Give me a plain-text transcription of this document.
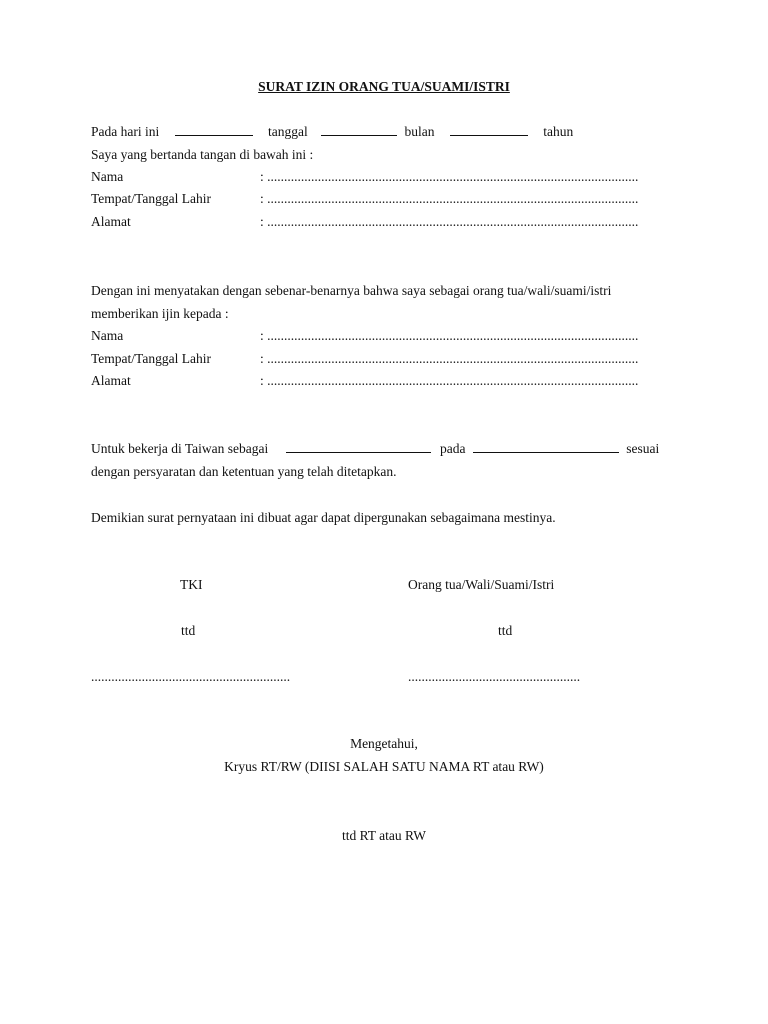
SURAT IZIN ORANG TUA/SUAMI/ISTRI
Pada hari ini	tanggal	bulan	tahun
Saya yang bertanda tangan di bawah ini :
Nama	: ..............................................................................................................
Tempat/Tanggal Lahir	: ..............................................................................................................
Alamat	: ..............................................................................................................
Dengan ini menyatakan dengan sebenar-benarnya bahwa saya sebagai orang tua/wali/suami/istri
memberikan ijin kepada :
Nama	: ..............................................................................................................
Tempat/Tanggal Lahir	: ..............................................................................................................
Alamat	: ..............................................................................................................
Untuk bekerja di Taiwan sebagai	pada	sesuai
dengan persyaratan dan ketentuan yang telah ditetapkan.
Demikian surat pernyataan ini dibuat agar dapat dipergunakan sebagaimana mestinya.
TKI	Orang tua/Wali/Suami/Istri
ttd	ttd
...........................................................	...................................................
Mengetahui,
Kryus RT/RW (DIISI SALAH SATU NAMA RT atau RW)
ttd RT atau RW
